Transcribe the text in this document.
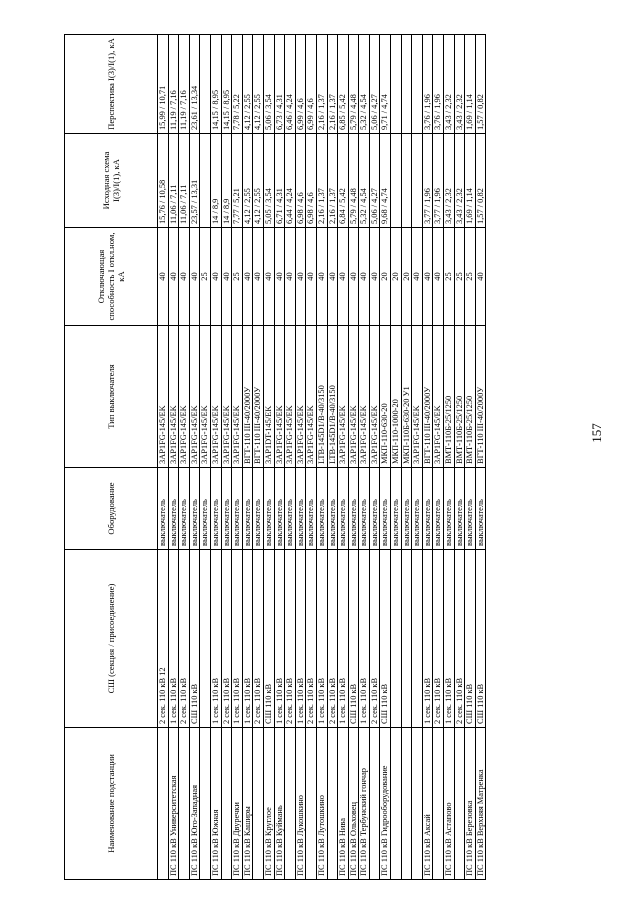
Наименование подстанции	СШ (секция / присоединение)	Оборудование	Тип выключателя	Отключающая способность I откл.ном, кА	Исходная схема I(3)/I(1), кА	Перспектива I(3)/I(1), кА
	2 сек. 110 кВ 12	выключатель	3AP1FG-145/EK	40	15,76 / 10,58	15,99 / 10,71
ПС 110 кВ Университетская	1 сек. 110 кВ	выключатель	3AP1FG-145/EK	40	11,06 / 7,11	11,19 / 7,16
	2 сек. 110 кВ	выключатель	3AP1FG-145/EK	40	11,06 / 7,11	11,19 / 7,16
ПС 110 кВ Юго-Западная	СШ 110 кВ	выключатель	3AP1FG-145/EK	40	23,57 / 13,31	23,61 / 13,34
		выключатель	3AP1FG-145/EK	25		
ПС 110 кВ Южная	1 сек. 110 кВ	выключатель	3AP1FG-145/EK	40	14 / 8,9	14,15 / 8,95
	2 сек. 110 кВ	выключатель	3AP1FG-145/EK	40	14 / 8,9	14,15 / 8,95
ПС 110 кВ Двуречки	1 сек. 110 кВ	выключатель	3AP1FG-145/EK	25	7,77 / 5,21	7,78 / 5,22
ПС 110 кВ Каширы	1 сек. 110 кВ	выключатель	ВГТ-110 III-40/2000У	40	4,12 / 2,55	4,12 / 2,55
	2 сек. 110 кВ	выключатель	ВГТ-110 III-40/2000У	40	4,12 / 2,55	4,12 / 2,55
ПС 110 кВ Круглое	СШ 110 кВ	выключатель	3AP1DT-145/EK	40	5,05 / 3,54	5,06 / 3,54
ПС 110 кВ Куймань	1 сек. 110 кВ	выключатель	3AP1FG-145/EK	40	6,71 / 4,31	6,73 / 4,31
	2 сек. 110 кВ	выключатель	3AP1FG-145/EK	40	6,44 / 4,24	6,46 / 4,24
ПС 110 кВ Лукошкино	1 сек. 110 кВ	выключатель	3AP1FG-145/EK	40	6,98 / 4,6	6,99 / 4,6
	2 сек. 110 кВ	выключатель	3AP1FG-145/EK	40	6,98 / 4,6	6,99 / 4,6
ПС 110 кВ Лутошкино	1 сек. 110 кВ	выключатель	LTB-145D1/B-40/3150	40	2,16 / 1,37	2,16 / 1,37
	2 сек. 110 кВ	выключатель	LTB-145D1/B-40/3150	40	2,16 / 1,37	2,16 / 1,37
ПС 110 кВ Нива	1 сек. 110 кВ	выключатель	3AP1FG-145/EK	40	6,84 / 5,42	6,85 / 5,42
ПС 110 кВ Ольховец	СШ 110 кВ	выключатель	3AP1FG-145/EK	40	5,79 / 4,48	5,79 / 4,48
ПС 110 кВ Тербунский гончар	1 сек. 110 кВ	выключатель	3AP1FG-145/EK	40	5,32 / 4,54	5,32 / 4,54
	2 сек. 110 кВ	выключатель	3AP1FG-145/EK	40	5,06 / 4,27	5,06 / 4,27
ПС 110 кВ Гидрооборудование	СШ 110 кВ	выключатель	МКП-110-630-20	20	9,68 / 4,74	9,71 / 4,74
		выключатель	МКП-110-1000-20	20		
		выключатель	МКП-110Б-630-20 У1	20		
		выключатель	3AP1FG-145/EK	40		
ПС 110 кВ Аксай	1 сек. 110 кВ	выключатель	ВГТ-110 III-40/2000У	40	3,77 / 1,96	3,76 / 1,96
	2 сек. 110 кВ	выключатель	3AP1FG-145/EK	40	3,77 / 1,96	3,76 / 1,96
ПС 110 кВ Астапово	1 сек. 110 кВ	выключатель	ВМТ-110Б-25/1250	25	3,43 / 2,32	3,43 / 2,32
	2 сек. 110 кВ	выключатель	ВМТ-110Б-25/1250	25	3,43 / 2,32	3,43 / 2,32
ПС 110 кВ Березовка	СШ 110 кВ	выключатель	ВМТ-110Б-25/1250	25	1,69 / 1,14	1,69 / 1,14
ПС 110 кВ Верхняя Матренка	СШ 110 кВ	выключатель	ВГТ-110 III-40/2000У	40	1,57 / 0,82	1,57 / 0,82
157
